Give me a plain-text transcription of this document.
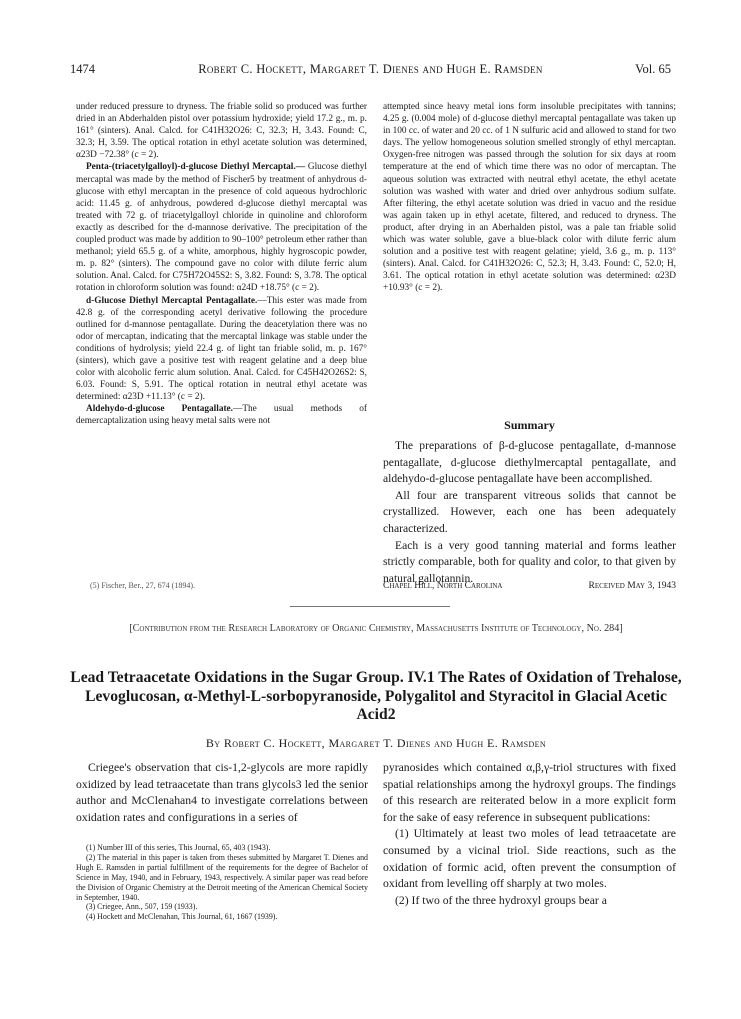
1474	Robert C. Hockett, Margaret T. Dienes and Hugh E. Ramsden	Vol. 65

under reduced pressure to dryness. The friable solid so produced was further dried in an Abderhalden pistol over potassium hydroxide; yield 17.2 g., m. p. 161° (sinters). Anal. Calcd. for C41H32O26: C, 32.3; H, 3.43. Found: C, 32.3; H, 3.59. The optical rotation in ethyl acetate solution was determined, α23D −72.38° (c = 2).

Penta-(triacetylgalloyl)-d-glucose Diethyl Mercaptal.— Glucose diethyl mercaptal was made by the method of Fischer5 by treatment of anhydrous d-glucose with ethyl mercaptan in the presence of cold aqueous hydrochloric acid: 11.45 g. of anhydrous, powdered d-glucose diethyl mercaptal was treated with 72 g. of triacetylgalloyl chloride in quinoline and chloroform exactly as described for the d-mannose derivative. The precipitation of the coupled product was made by addition to 90–100° petroleum ether rather than methanol; yield 65.5 g. of a white, amorphous, highly hygroscopic powder, m. p. 82° (sinters). The compound gave no color with dilute ferric alum solution. Anal. Calcd. for C75H72O45S2: S, 3.82. Found: S, 3.78. The optical rotation in chloroform solution was found: α24D +18.75° (c = 2).

d-Glucose Diethyl Mercaptal Pentagallate.—This ester was made from 42.8 g. of the corresponding acetyl derivative following the procedure outlined for d-mannose pentagallate. During the deacetylation there was no odor of mercaptan, indicating that the mercaptal linkage was stable under the conditions of hydrolysis; yield 22.4 g. of light tan friable solid, m. p. 167° (sinters), which gave a positive test with reagent gelatine and a deep blue color with alcoholic ferric alum solution. Anal. Calcd. for C45H42O26S2: S, 6.03. Found: S, 5.91. The optical rotation in neutral ethyl acetate was determined: α23D +11.13° (c = 2).

Aldehydo-d-glucose Pentagallate.—The usual methods of demercaptalization using heavy metal salts were not

attempted since heavy metal ions form insoluble precipitates with tannins; 4.25 g. (0.004 mole) of d-glucose diethyl mercaptal pentagallate was taken up in 100 cc. of water and 20 cc. of 1 N sulfuric acid and allowed to stand for two days. The yellow homogeneous solution smelled strongly of ethyl mercaptan. Oxygen-free nitrogen was passed through the solution for six days at room temperature at the end of which time there was no odor of mercaptan. The aqueous solution was extracted with neutral ethyl acetate, the ethyl acetate solution was washed with water and dried over anhydrous sodium sulfate. After filtering, the ethyl acetate solution was dried in vacuo and the residue was again taken up in ethyl acetate, filtered, and reduced to dryness. The product, after drying in an Aberhalden pistol, was a pale tan friable solid which was water soluble, gave a blue-black color with dilute ferric alum solution and a positive test with reagent gelatine; yield, 3.6 g., m. p. 113° (sinters). Anal. Calcd. for C41H32O26: C, 52.3; H, 3.43. Found: C, 52.0; H, 3.61. The optical rotation in ethyl acetate solution was determined: α23D +10.93° (c = 2).

Summary

The preparations of β-d-glucose pentagallate, d-mannose pentagallate, d-glucose diethylmercaptal pentagallate, and aldehydo-d-glucose pentagallate have been accomplished.

All four are transparent vitreous solids that cannot be crystallized. However, each one has been adequately characterized.

Each is a very good tanning material and forms leather strictly comparable, both for quality and color, to that given by natural gallotannin.

(5) Fischer, Ber., 27, 674 (1894).	Chapel Hill, North Carolina	Received May 3, 1943
[Contribution from the Research Laboratory of Organic Chemistry, Massachusetts Institute of Technology, No. 284]
Lead Tetraacetate Oxidations in the Sugar Group. IV.1 The Rates of Oxidation of Trehalose, Levoglucosan, α-Methyl-L-sorbopyranoside, Polygalitol and Styracitol in Glacial Acetic Acid2
By Robert C. Hockett, Margaret T. Dienes and Hugh E. Ramsden

Criegee's observation that cis-1,2-glycols are more rapidly oxidized by lead tetraacetate than trans glycols3 led the senior author and McClenahan4 to investigate correlations between oxidation rates and configurations in a series of

(1) Number III of this series, This Journal, 65, 403 (1943).

(2) The material in this paper is taken from theses submitted by Margaret T. Dienes and Hugh E. Ramsden in partial fulfillment of the requirements for the degree of Bachelor of Science in May, 1940, and in February, 1943, respectively. A similar paper was read before the Division of Organic Chemistry at the Detroit meeting of the American Chemical Society in September, 1940.

(3) Criegee, Ann., 507, 159 (1933).

(4) Hockett and McClenahan, This Journal, 61, 1667 (1939).

pyranosides which contained α,β,γ-triol structures with fixed spatial relationships among the hydroxyl groups. The findings of this research are reiterated below in a more explicit form for the sake of easy reference in subsequent publications:

(1) Ultimately at least two moles of lead tetraacetate are consumed by a vicinal triol. Side reactions, such as the oxidation of formic acid, often prevent the consumption of oxidant from levelling off sharply at two moles.

(2) If two of the three hydroxyl groups bear a
